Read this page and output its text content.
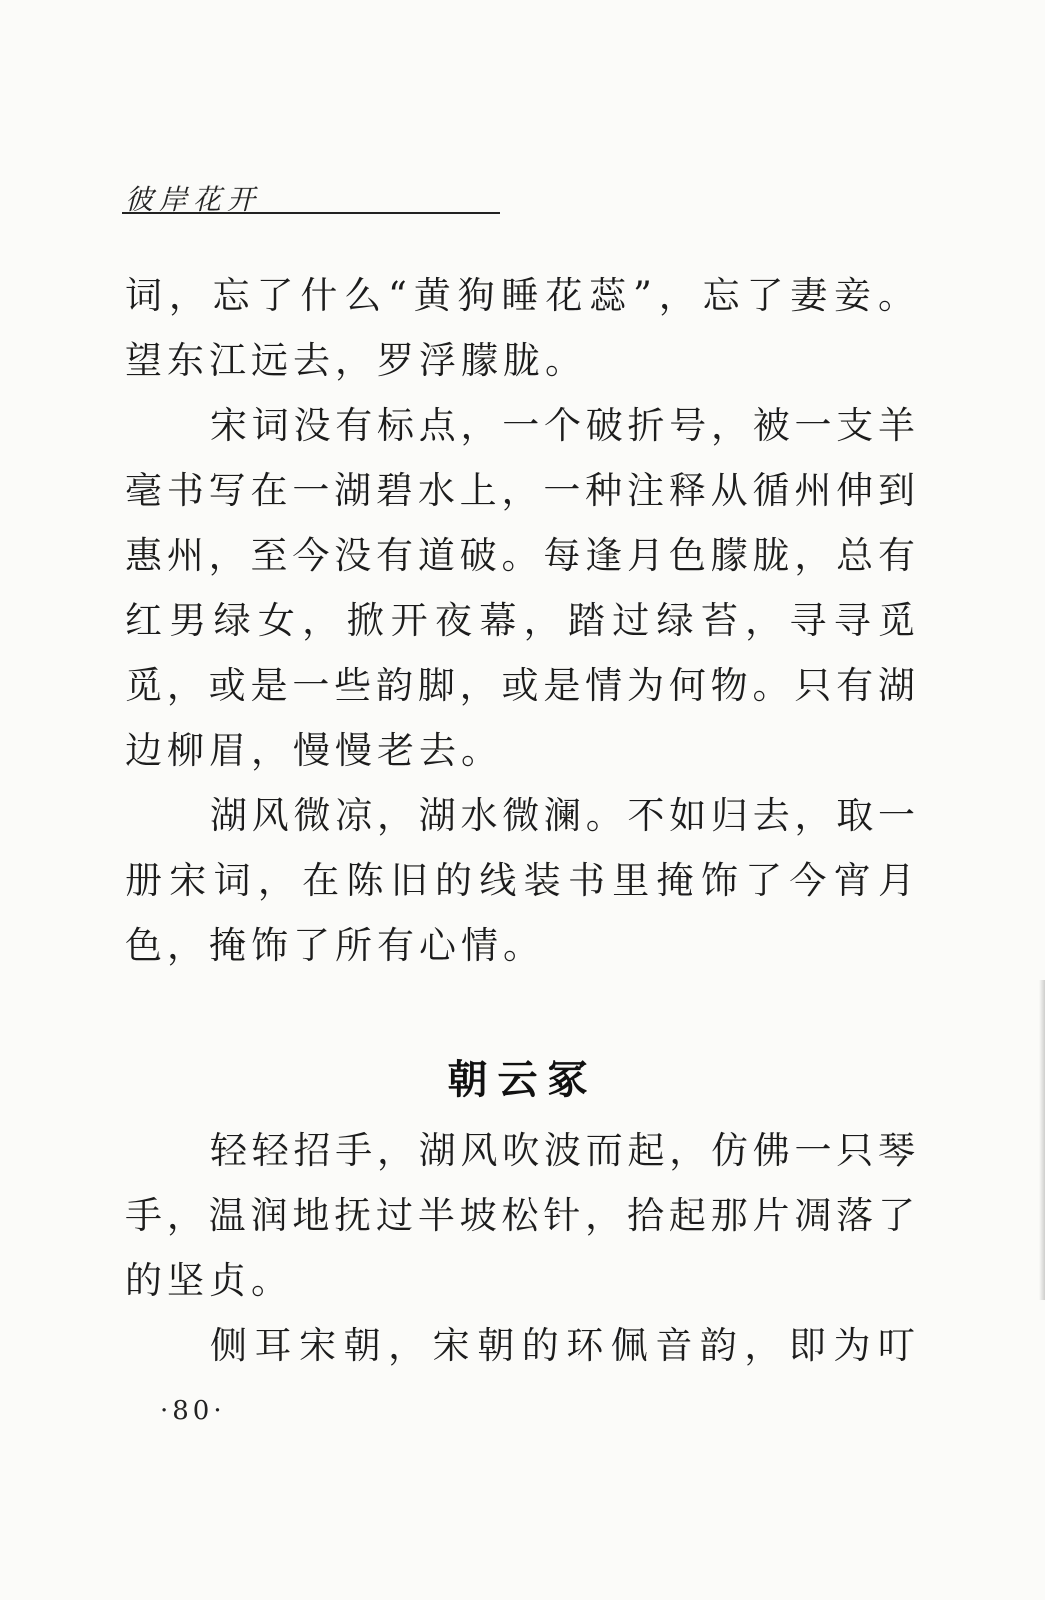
彼岸花开
词，忘了什么“黄狗睡花蕊”，忘了妻妾。
望东江远去，罗浮朦胧。
宋词没有标点，一个破折号，被一支羊
毫书写在一湖碧水上，一种注释从循州伸到
惠州，至今没有道破。每逢月色朦胧，总有
红男绿女，掀开夜幕，踏过绿苔，寻寻觅
觅，或是一些韵脚，或是情为何物。只有湖
边柳眉，慢慢老去。
湖风微凉，湖水微澜。不如归去，取一
册宋词，在陈旧的线装书里掩饰了今宵月
色，掩饰了所有心情。
朝云冢
轻轻招手，湖风吹波而起，仿佛一只琴
手，温润地抚过半坡松针，拾起那片凋落了
的坚贞。
侧耳宋朝，宋朝的环佩音韵，即为叮
·80·
